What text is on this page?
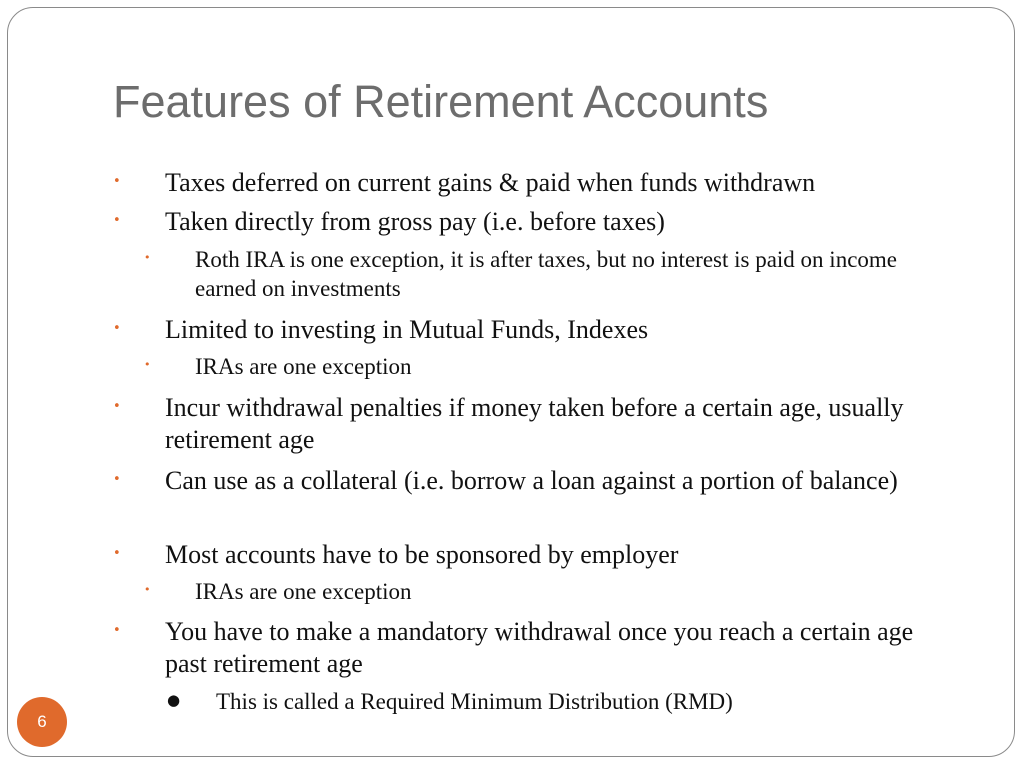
Features of Retirement Accounts
• Taxes deferred on current gains & paid when funds withdrawn
• Taken directly from gross pay (i.e. before taxes)
• Roth IRA is one exception, it is after taxes, but no interest is paid on income earned on investments
• Limited to investing in Mutual Funds, Indexes
• IRAs are one exception
• Incur withdrawal penalties if money taken before a certain age, usually retirement age
• Can use as a collateral (i.e. borrow a loan against a portion of balance)
• Most accounts have to be sponsored by employer
• IRAs are one exception
• You have to make a mandatory withdrawal once you reach a certain age past retirement age
● This is called a Required Minimum Distribution (RMD)
6
